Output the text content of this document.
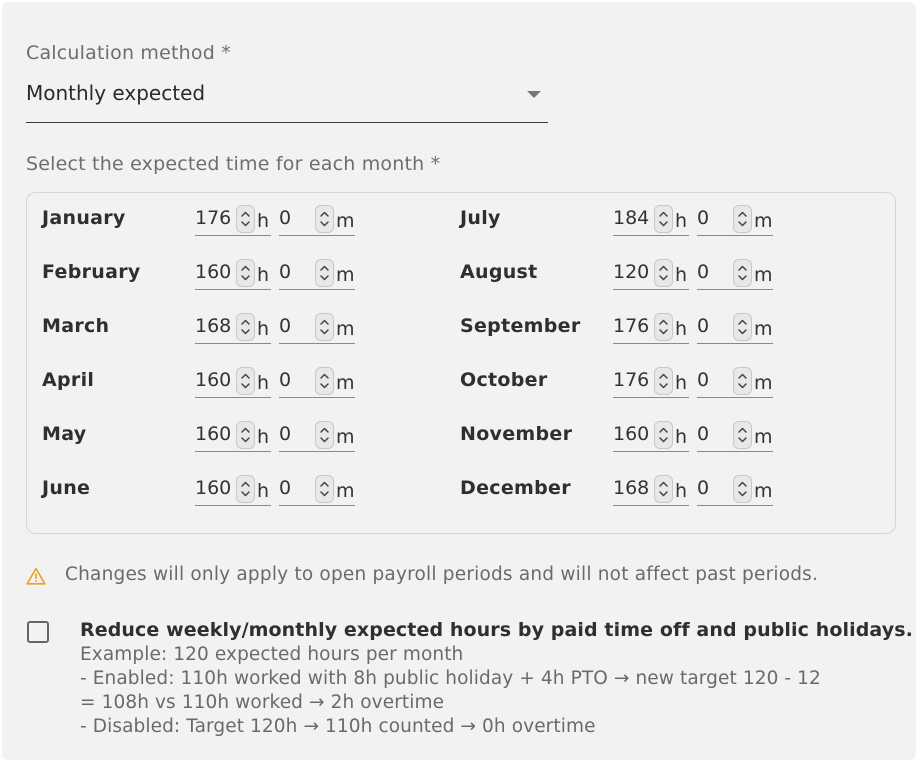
Calculation method *
Monthly expected
Select the expected time for each month *
January	176 h 0 m
February	160 h 0 m
March	168 h 0 m
April	160 h 0 m
May	160 h 0 m
June	160 h 0 m
July	184 h 0 m
August	120 h 0 m
September 176 h 0 m
October	176 h 0 m
November 160 h 0 m
December 168 h 0 m
Changes will only apply to open payroll periods and will not affect past periods.
Reduce weekly/monthly expected hours by paid time off and public holidays.
Example: 120 expected hours per month
- Enabled: 110h worked with 8h public holiday + 4h PTO → new target 120 - 12
= 108h vs 110h worked → 2h overtime
- Disabled: Target 120h → 110h counted → 0h overtime
